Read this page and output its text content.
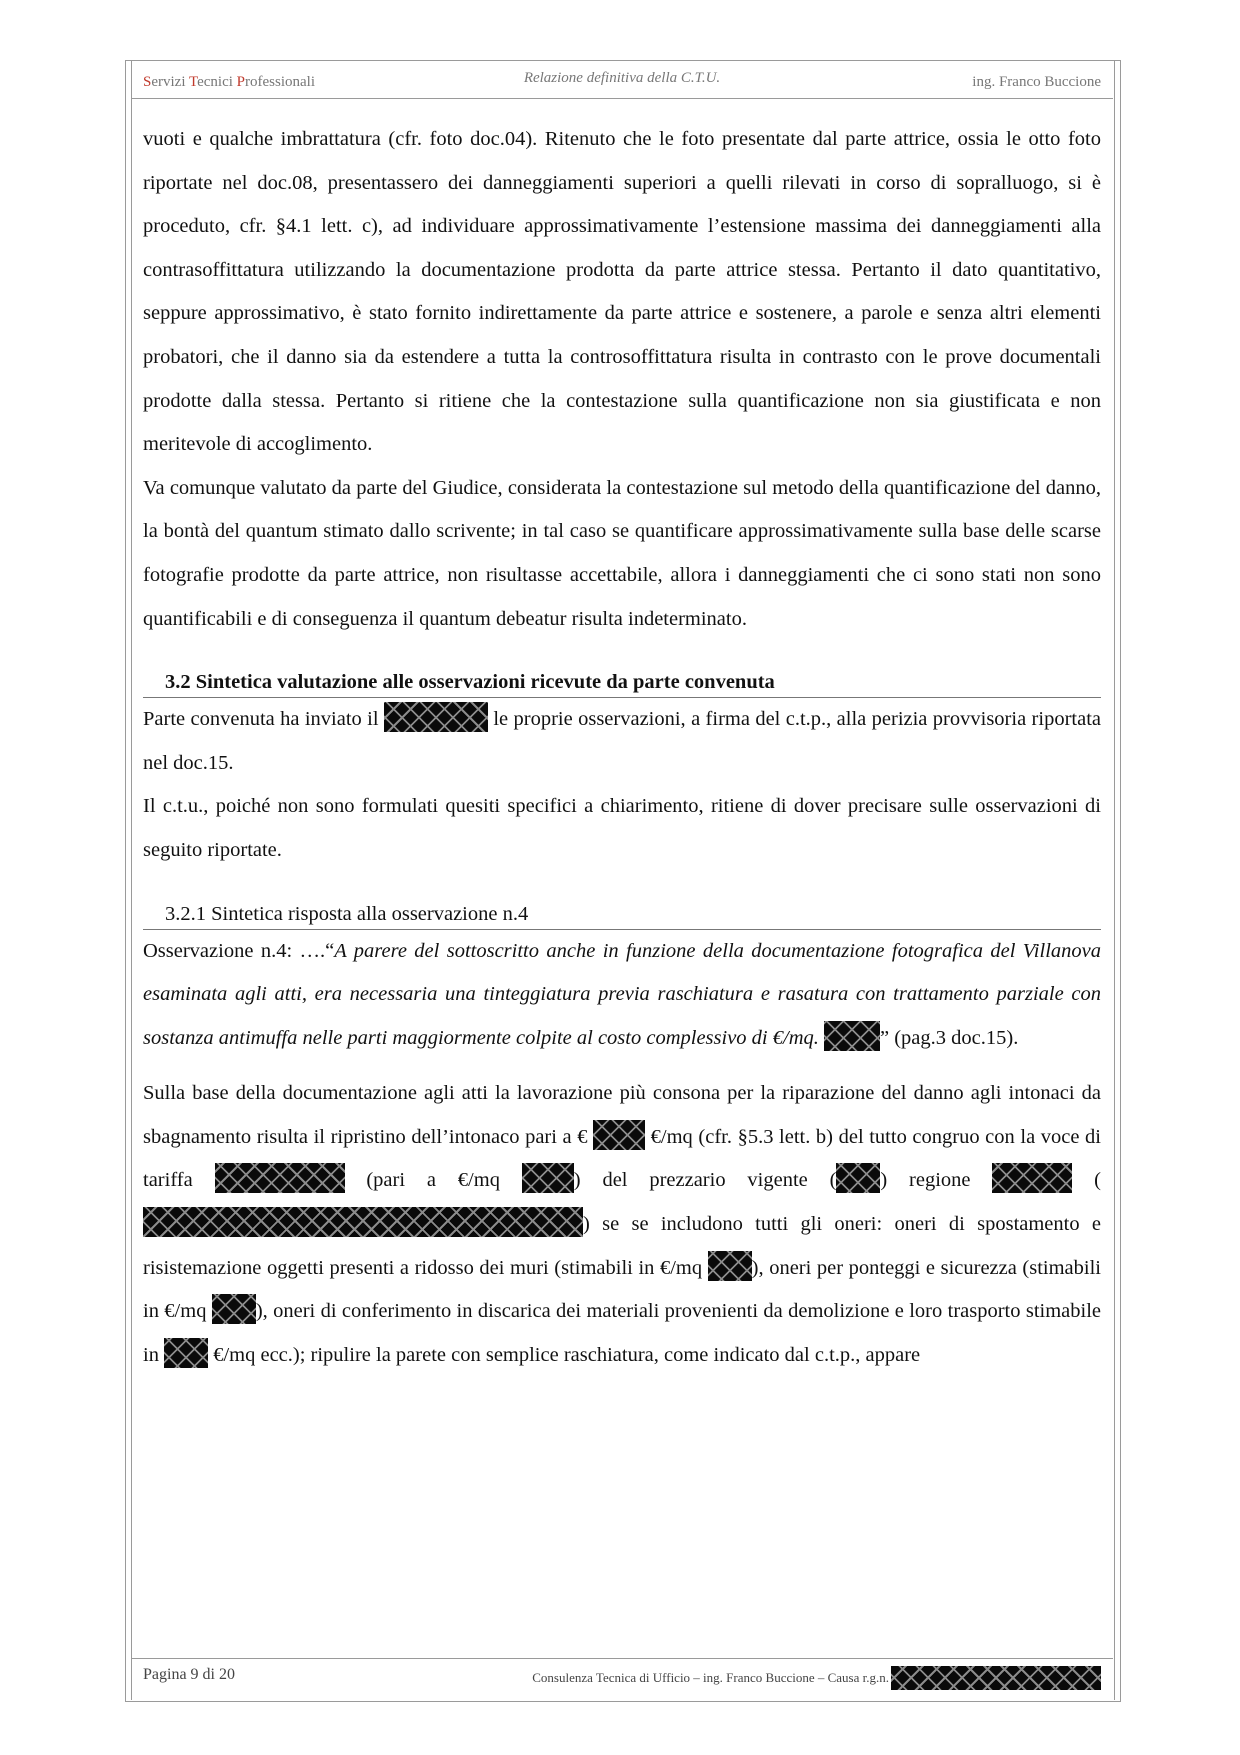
Servizi Tecnici Professionali	Relazione definitiva della C.T.U.	ing. Franco Buccione

vuoti e qualche imbrattatura (cfr. foto doc.04). Ritenuto che le foto presentate dal parte attrice, ossia le otto foto riportate nel doc.08, presentassero dei danneggiamenti superiori a quelli rilevati in corso di sopralluogo, si è proceduto, cfr. §4.1 lett. c), ad individuare approssimativamente l’estensione massima dei danneggiamenti alla contrasoffittatura utilizzando la documentazione prodotta da parte attrice stessa. Pertanto il dato quantitativo, seppure approssimativo, è stato fornito indirettamente da parte attrice e sostenere, a parole e senza altri elementi probatori, che il danno sia da estendere a tutta la controsoffittatura risulta in contrasto con le prove documentali prodotte dalla stessa. Pertanto si ritiene che la contestazione sulla quantificazione non sia giustificata e non meritevole di accoglimento.

Va comunque valutato da parte del Giudice, considerata la contestazione sul metodo della quantificazione del danno, la bontà del quantum stimato dallo scrivente; in tal caso se quantificare approssimativamente sulla base delle scarse fotografie prodotte da parte attrice, non risultasse accettabile, allora i danneggiamenti che ci sono stati non sono quantificabili e di conseguenza il quantum debeatur risulta indeterminato.

3.2 Sintetica valutazione alle osservazioni ricevute da parte convenuta

Parte convenuta ha inviato il	le proprie osservazioni, a firma del c.t.p., alla perizia provvisoria riportata nel doc.15.

Il c.t.u., poiché non sono formulati quesiti specifici a chiarimento, ritiene di dover precisare sulle osservazioni di seguito riportate.

3.2.1 Sintetica risposta alla osservazione n.4

Osservazione n.4: ….“A parere del sottoscritto anche in funzione della documentazione fotografica del Villanova esaminata agli atti, era necessaria una tinteggiatura previa raschiatura e rasatura con trattamento parziale con sostanza antimuffa nelle parti maggiormente colpite al costo complessivo di €/mq.	” (pag.3 doc.15).

Sulla base della documentazione agli atti la lavorazione più consona per la riparazione del danno agli intonaci da sbagnamento risulta il ripristino dell’intonaco pari a €	€/mq (cfr. §5.3 lett. b) del tutto congruo con la voce di tariffa	(pari a €/mq	) del prezzario vigente ( ) regione	() se se includono tutti gli oneri: oneri di spostamento e risistemazione oggetti presenti a ridosso dei muri (stimabili in €/mq ), oneri per ponteggi e sicurezza (stimabili in €/mq ), oneri di conferimento in discarica dei materiali provenienti da demolizione e loro trasporto stimabile in  €/mq ecc.); ripulire la parete con semplice raschiatura, come indicato dal c.t.p., appare

Pagina 9 di 20	Consulenza Tecnica di Ufficio – ing. Franco Buccione – Causa r.g.n.
